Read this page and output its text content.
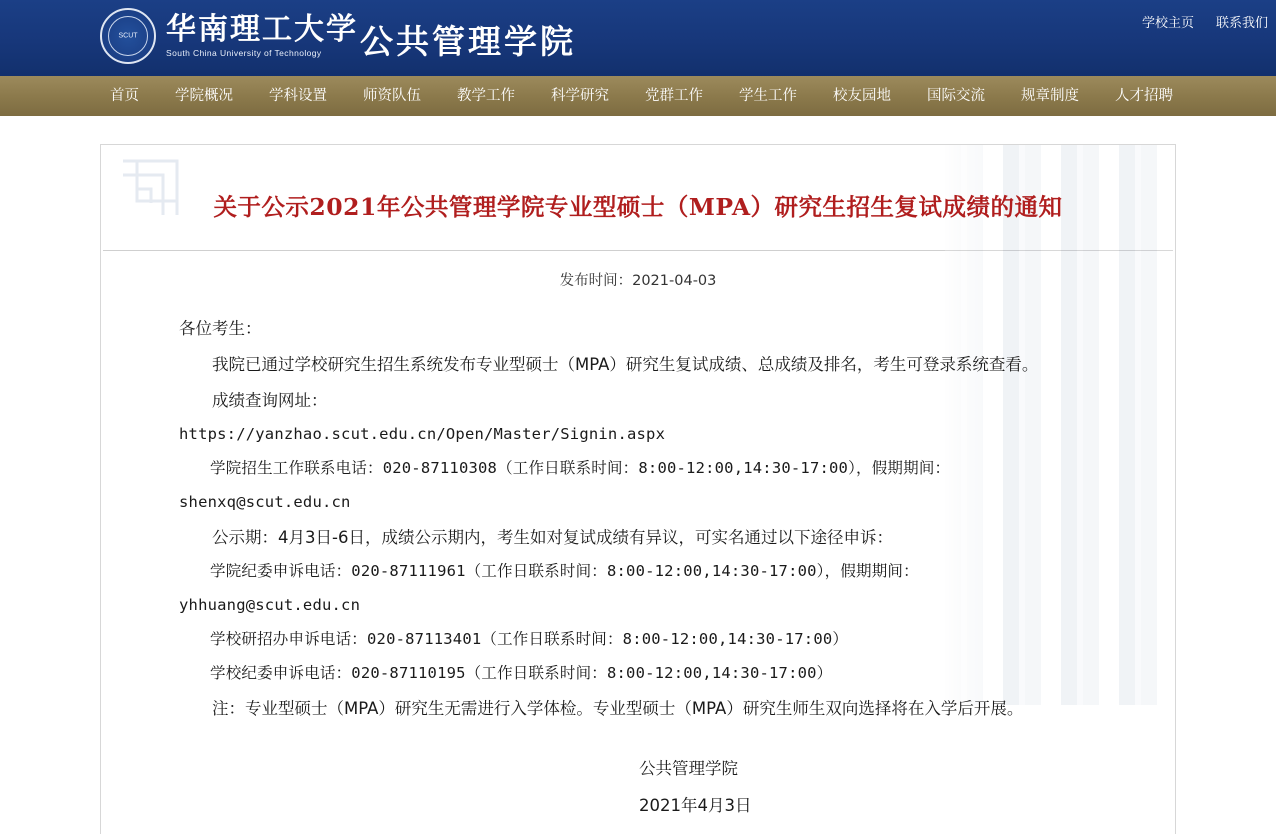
SCUT 华南理工大学
South China University of Technology	公共管理学院	学校主页 联系我们
首页	学院概况	学科设置	师资队伍	教学工作	科学研究	党群工作	学生工作	校友园地	国际交流	规章制度	人才招聘
关于公示2021年公共管理学院专业型硕士（MPA）研究生招生复试成绩的通知
发布时间：2021-04-03

各位考生：

我院已通过学校研究生招生系统发布专业型硕士（MPA）研究生复试成绩、总成绩及排名，考生可登录系统查看。

成绩查询网址：

https://yanzhao.scut.edu.cn/Open/Master/Signin.aspx

学院招生工作联系电话：020-87110308（工作日联系时间：8:00-12:00,14:30-17:00），假期期间：

shenxq@scut.edu.cn

公示期：4月3日-6日，成绩公示期内，考生如对复试成绩有异议，可实名通过以下途径申诉：

学院纪委申诉电话：020-87111961（工作日联系时间：8:00-12:00,14:30-17:00），假期期间：

yhhuang@scut.edu.cn

学校研招办申诉电话：020-87113401（工作日联系时间：8:00-12:00,14:30-17:00）

学校纪委申诉电话：020-87110195（工作日联系时间：8:00-12:00,14:30-17:00）

注：专业型硕士（MPA）研究生无需进行入学体检。专业型硕士（MPA）研究生师生双向选择将在入学后开展。

公共管理学院

2021年4月3日
